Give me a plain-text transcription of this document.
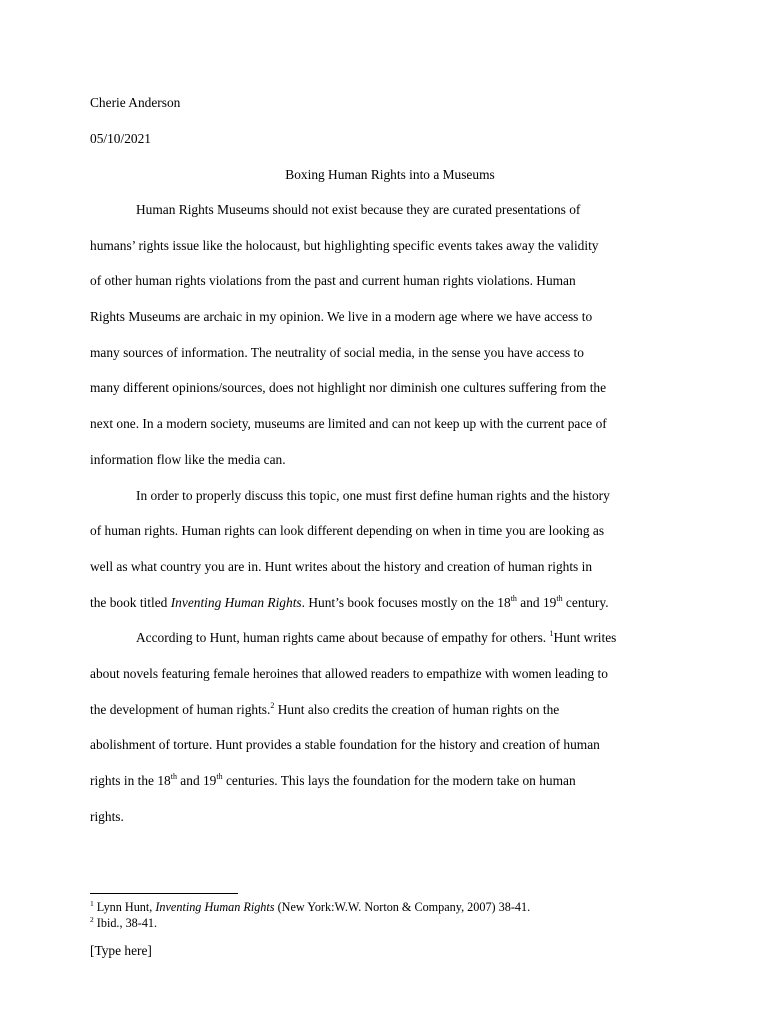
Cherie Anderson
05/10/2021
Boxing Human Rights into a Museums
Human Rights Museums should not exist because they are curated presentations of
humans’ rights issue like the holocaust, but highlighting specific events takes away the validity
of other human rights violations from the past and current human rights violations. Human
Rights Museums are archaic in my opinion. We live in a modern age where we have access to
many sources of information. The neutrality of social media, in the sense you have access to
many different opinions/sources, does not highlight nor diminish one cultures suffering from the
next one. In a modern society, museums are limited and can not keep up with the current pace of
information flow like the media can.
In order to properly discuss this topic, one must first define human rights and the history
of human rights. Human rights can look different depending on when in time you are looking as
well as what country you are in. Hunt writes about the history and creation of human rights in
the book titled Inventing Human Rights. Hunt’s book focuses mostly on the 18th and 19th century.
According to Hunt, human rights came about because of empathy for others. $^1$Hunt writes
about novels featuring female heroines that allowed readers to empathize with women leading to
the development of human rights.$^2$ Hunt also credits the creation of human rights on the
abolishment of torture. Hunt provides a stable foundation for the history and creation of human
rights in the 18th and 19th centuries. This lays the foundation for the modern take on human
rights.
$^1$ Lynn Hunt, Inventing Human Rights (New York:W.W. Norton & Company, 2007) 38-41.
$^2$ Ibid., 38-41.
[Type here]
